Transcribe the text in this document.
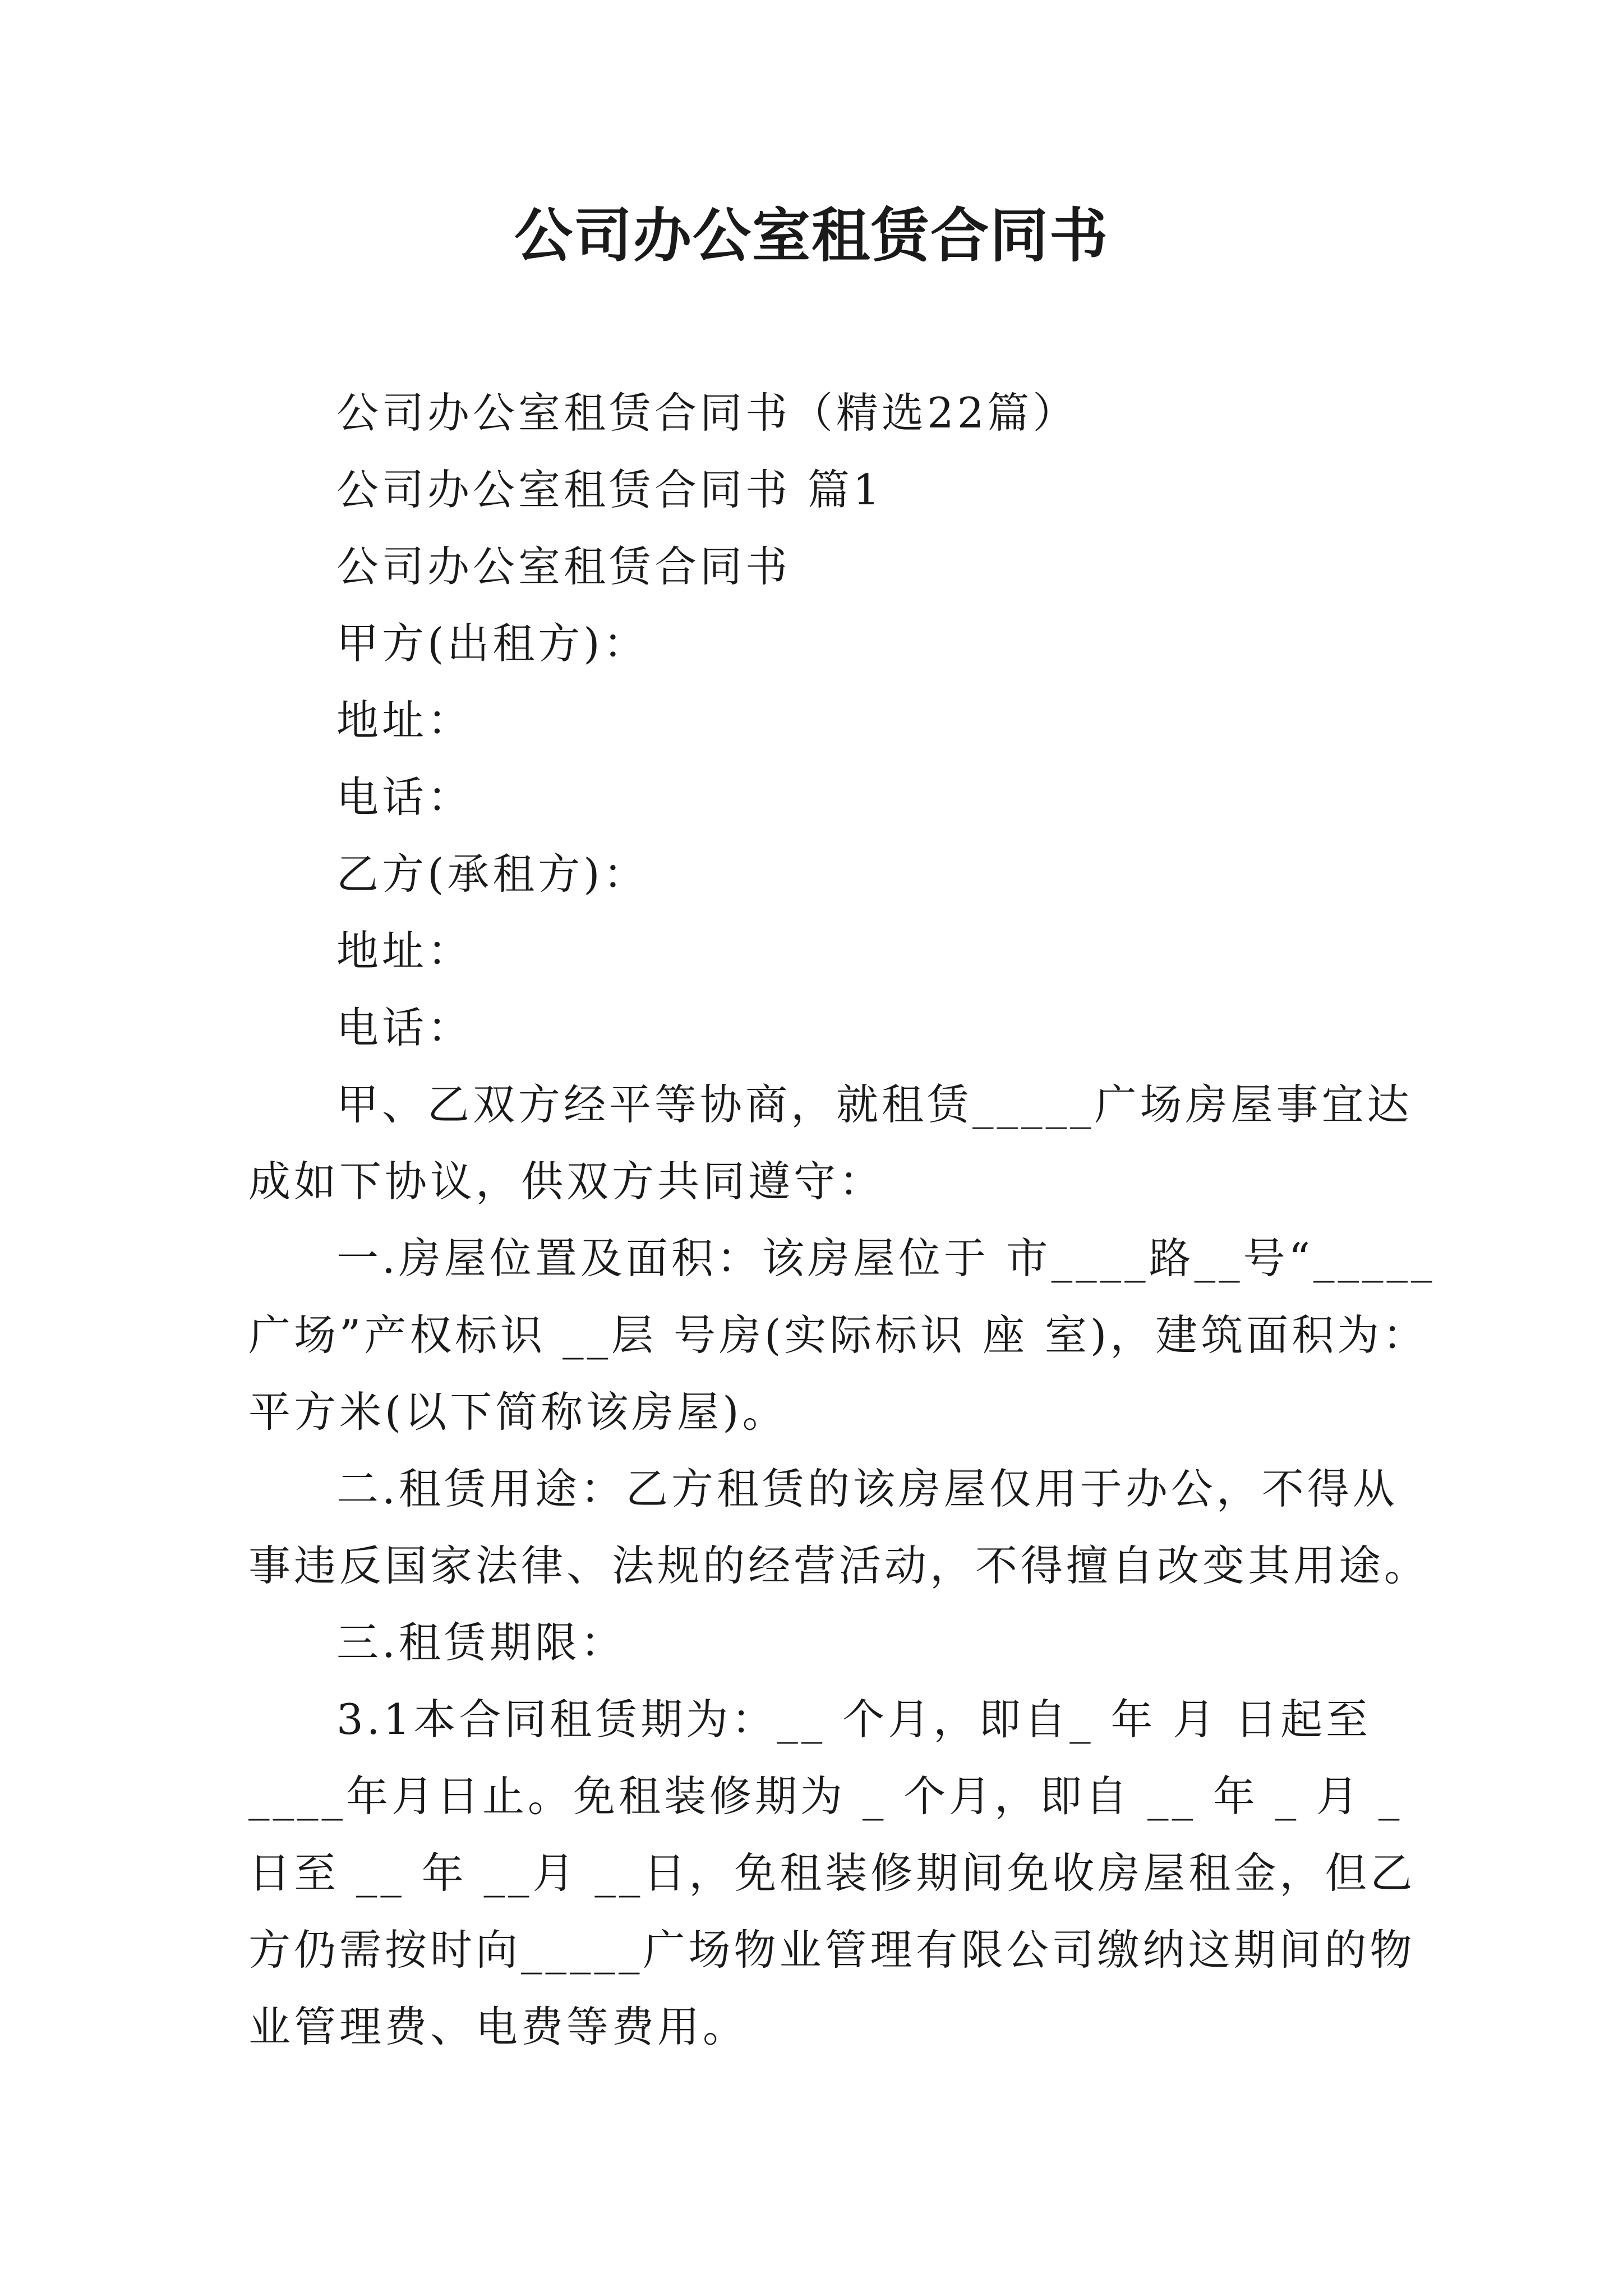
公司办公室租赁合同书
公司办公室租赁合同书（精选22篇）
公司办公室租赁合同书 篇1
公司办公室租赁合同书
甲方(出租方)：
地址：
电话：
乙方(承租方)：
地址：
电话：
甲、乙双方经平等协商，就租赁_____广场房屋事宜达
成如下协议，供双方共同遵守：
一.房屋位置及面积：该房屋位于 市____路__号“_____
广场”产权标识 __层 号房(实际标识 座 室)，建筑面积为：
平方米(以下简称该房屋)。
二.租赁用途：乙方租赁的该房屋仅用于办公，不得从
事违反国家法律、法规的经营活动，不得擅自改变其用途。
三.租赁期限：
3.1本合同租赁期为：__ 个月，即自_ 年 月 日起至
____年月日止。免租装修期为 _ 个月，即自 __ 年 _ 月 _
日至 __ 年 __月 __日，免租装修期间免收房屋租金，但乙
方仍需按时向_____广场物业管理有限公司缴纳这期间的物
业管理费、电费等费用。
